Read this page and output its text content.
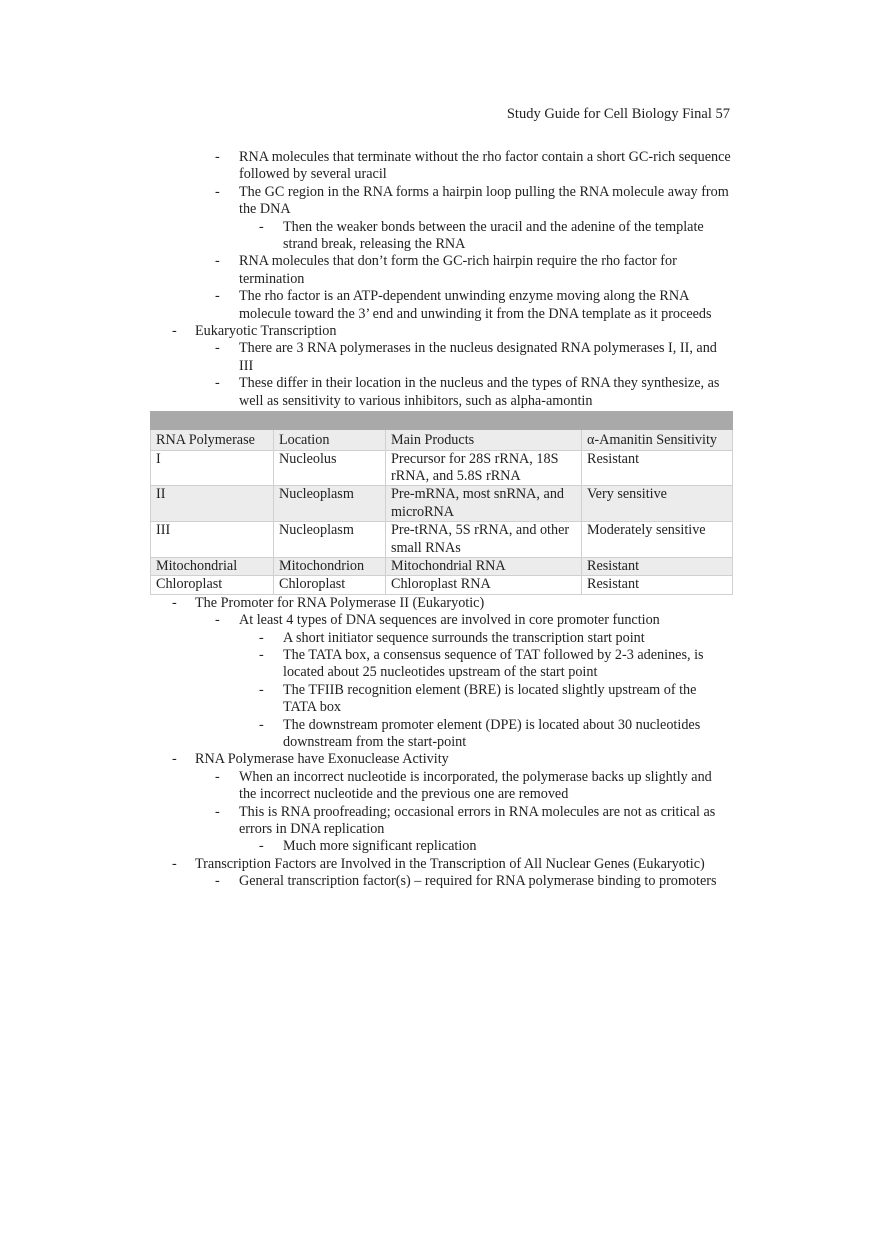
Study Guide for Cell Biology Final 57
- RNA molecules that terminate without the rho factor contain a short GC-rich sequence followed by several uracil
- The GC region in the RNA forms a hairpin loop pulling the RNA molecule away from the DNA
- Then the weaker bonds between the uracil and the adenine of the template strand break, releasing the RNA
- RNA molecules that don’t form the GC-rich hairpin require the rho factor for termination
- The rho factor is an ATP-dependent unwinding enzyme moving along the RNA molecule toward the 3’ end and unwinding it from the DNA template as it proceeds
- Eukaryotic Transcription
- There are 3 RNA polymerases in the nucleus designated RNA polymerases I, II, and III
- These differ in their location in the nucleus and the types of RNA they synthesize, as well as sensitivity to various inhibitors, such as alpha-amontin

RNA Polymerase	Location	Main Products	α-Amanitin Sensitivity
I	Nucleolus	Precursor for 28S rRNA, 18S rRNA, and 5.8S rRNA	Resistant
II	Nucleoplasm	Pre-mRNA, most snRNA, and microRNA	Very sensitive
III	Nucleoplasm	Pre-tRNA, 5S rRNA, and other small RNAs	Moderately sensitive
Mitochondrial	Mitochondrion	Mitochondrial RNA	Resistant
Chloroplast	Chloroplast	Chloroplast RNA	Resistant
- The Promoter for RNA Polymerase II (Eukaryotic)
- At least 4 types of DNA sequences are involved in core promoter function
- A short initiator sequence surrounds the transcription start point
- The TATA box, a consensus sequence of TAT followed by 2-3 adenines, is located about 25 nucleotides upstream of the start point
- The TFIIB recognition element (BRE) is located slightly upstream of the TATA box
- The downstream promoter element (DPE) is located about 30 nucleotides downstream from the start-point
- RNA Polymerase have Exonuclease Activity
- When an incorrect nucleotide is incorporated, the polymerase backs up slightly and the incorrect nucleotide and the previous one are removed
- This is RNA proofreading; occasional errors in RNA molecules are not as critical as errors in DNA replication
- Much more significant replication
- Transcription Factors are Involved in the Transcription of All Nuclear Genes (Eukaryotic)
- General transcription factor(s) – required for RNA polymerase binding to promoters
